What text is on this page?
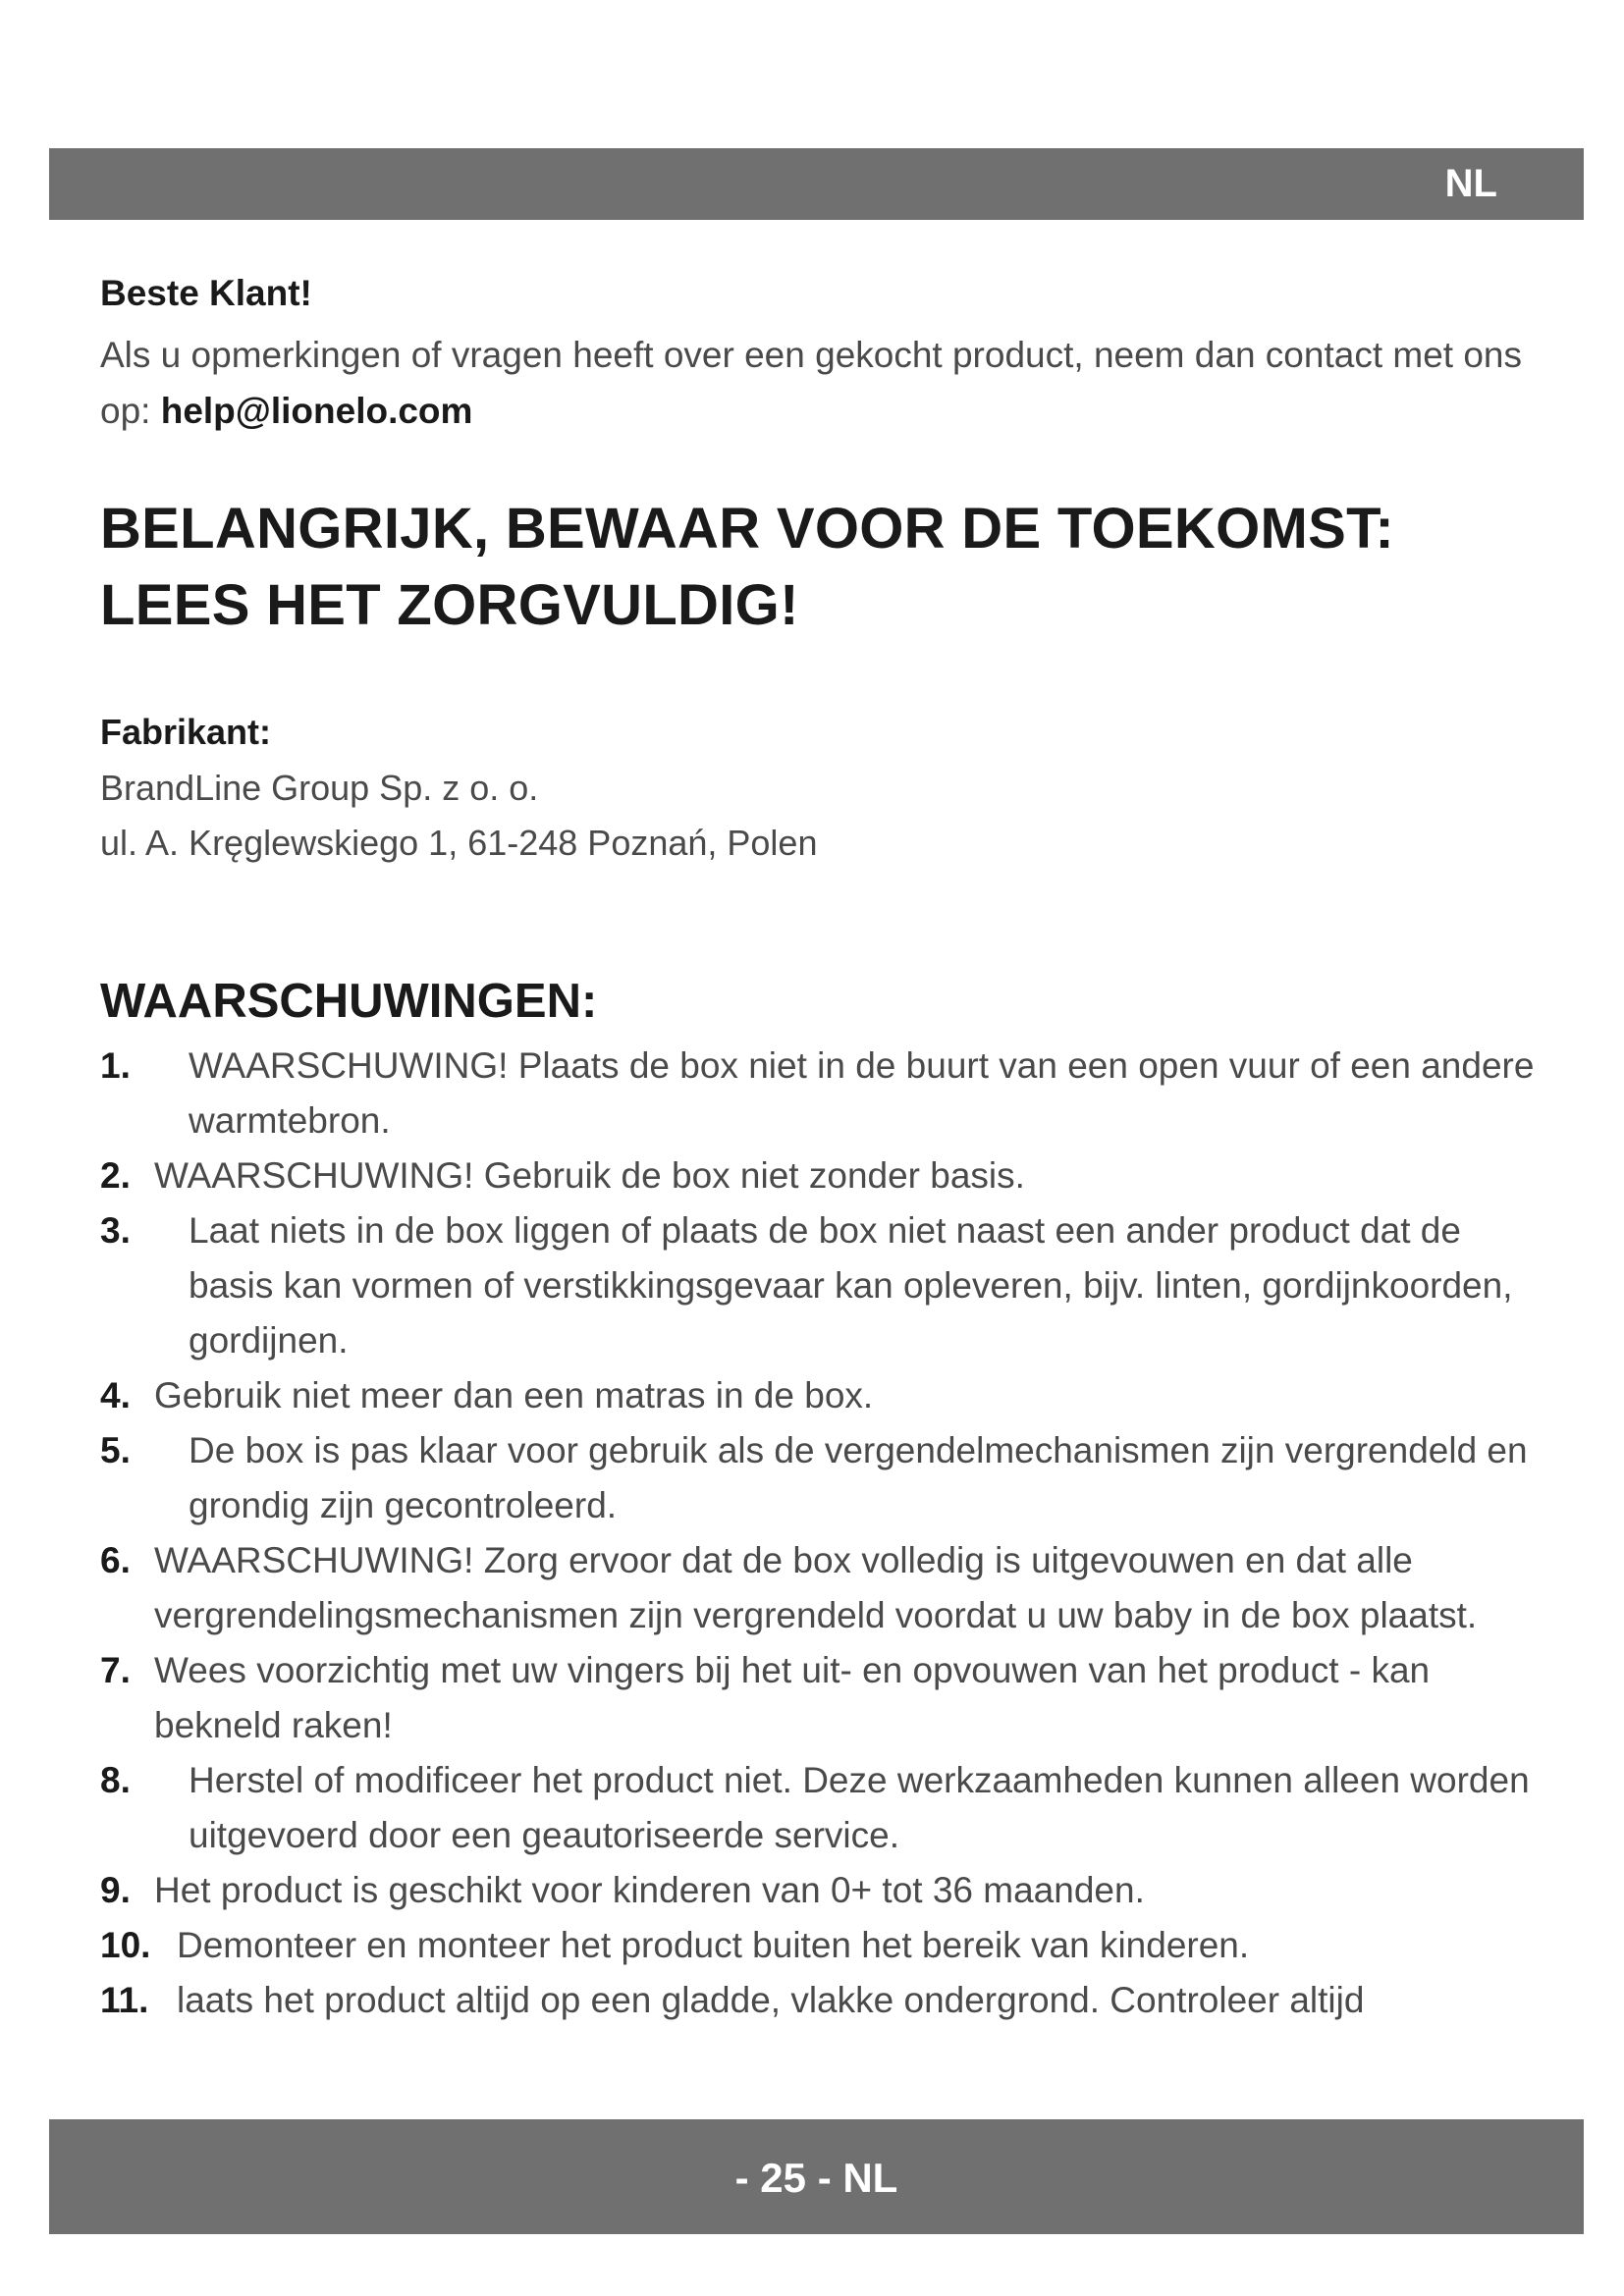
NL
Beste Klant!
Als u opmerkingen of vragen heeft over een gekocht product, neem dan contact met ons op: help@lionelo.com
BELANGRIJK, BEWAAR VOOR DE TOEKOMST:
LEES HET ZORGVULDIG!
Fabrikant:
BrandLine Group Sp. z o. o.
ul. A. Kręglewskiego 1, 61-248 Poznań, Polen
WAARSCHUWINGEN:
1. WAARSCHUWING! Plaats de box niet in de buurt van een open vuur of een andere warmtebron.
2. WAARSCHUWING! Gebruik de box niet zonder basis.
3. Laat niets in de box liggen of plaats de box niet naast een ander product dat de basis kan vormen of verstikkingsgevaar kan opleveren, bijv. linten, gordijnkoorden, gordijnen.
4. Gebruik niet meer dan een matras in de box.
5. De box is pas klaar voor gebruik als de vergendelmechanismen zijn vergrendeld en grondig zijn gecontroleerd.
6. WAARSCHUWING! Zorg ervoor dat de box volledig is uitgevouwen en dat alle vergrendelingsmechanismen zijn vergrendeld voordat u uw baby in de box plaatst.
7. Wees voorzichtig met uw vingers bij het uit- en opvouwen van het product - kan bekneld raken!
8. Herstel of modificeer het product niet. Deze werkzaamheden kunnen alleen worden uitgevoerd door een geautoriseerde service.
9. Het product is geschikt voor kinderen van 0+ tot 36 maanden.
10. Demonteer en monteer het product buiten het bereik van kinderen.
11. laats het product altijd op een gladde, vlakke ondergrond. Controleer altijd
- 25 - NL
